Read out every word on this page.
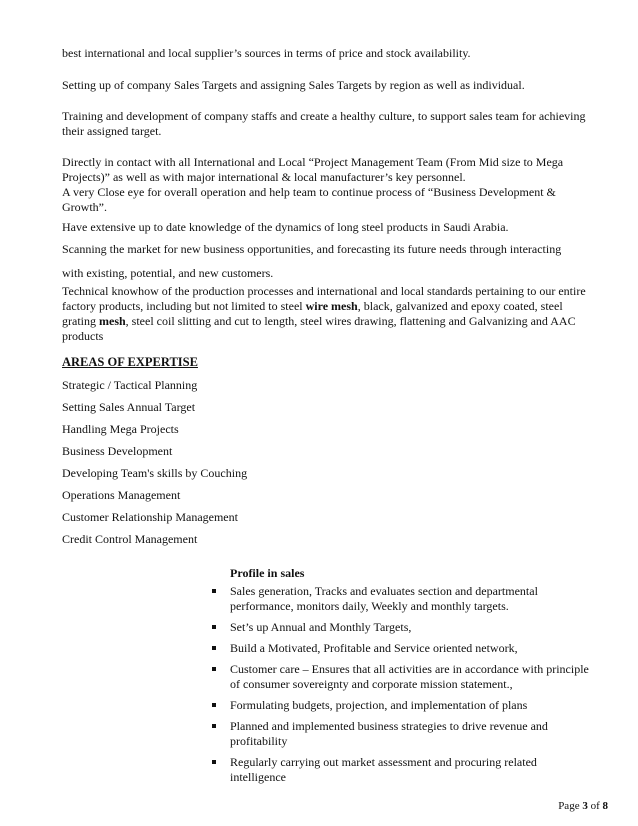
best international and local supplier’s sources in terms of price and stock availability.

Setting up of company Sales Targets and assigning Sales Targets by region as well as individual.

Training and development of company staffs and create a healthy culture, to support sales team for achieving their assigned target.

Directly in contact with all International and Local “Project Management Team (From Mid size to Mega Projects)” as well as with major international & local manufacturer’s key personnel.

A very Close eye for overall operation and help team to continue process of “Business Development & Growth”.

Have extensive up to date knowledge of the dynamics of long steel products in Saudi Arabia.

Scanning the market for new business opportunities, and forecasting its future needs through interacting

with existing, potential, and new customers.

Technical knowhow of the production processes and international and local standards pertaining to our entire factory products, including but not limited to steel wire mesh, black, galvanized and epoxy coated, steel grating mesh, steel coil slitting and cut to length, steel wires drawing, flattening and Galvanizing and AAC products

AREAS OF EXPERTISE

Strategic / Tactical Planning

Setting Sales Annual Target

Handling Mega Projects

Business Development

Developing Team's skills by Couching

Operations Management

Customer Relationship Management

Credit Control Management

Profile in sales

Sales generation, Tracks and evaluates section and departmental performance, monitors daily, Weekly and monthly targets.
Set’s up Annual and Monthly Targets,
Build a Motivated, Profitable and Service oriented network,
Customer care – Ensures that all activities are in accordance with principle of consumer sovereignty and corporate mission statement.,
Formulating budgets, projection, and implementation of plans
Planned and implemented business strategies to drive revenue and profitability
Regularly carrying out market assessment and procuring related intelligence

Page 3 of 8
